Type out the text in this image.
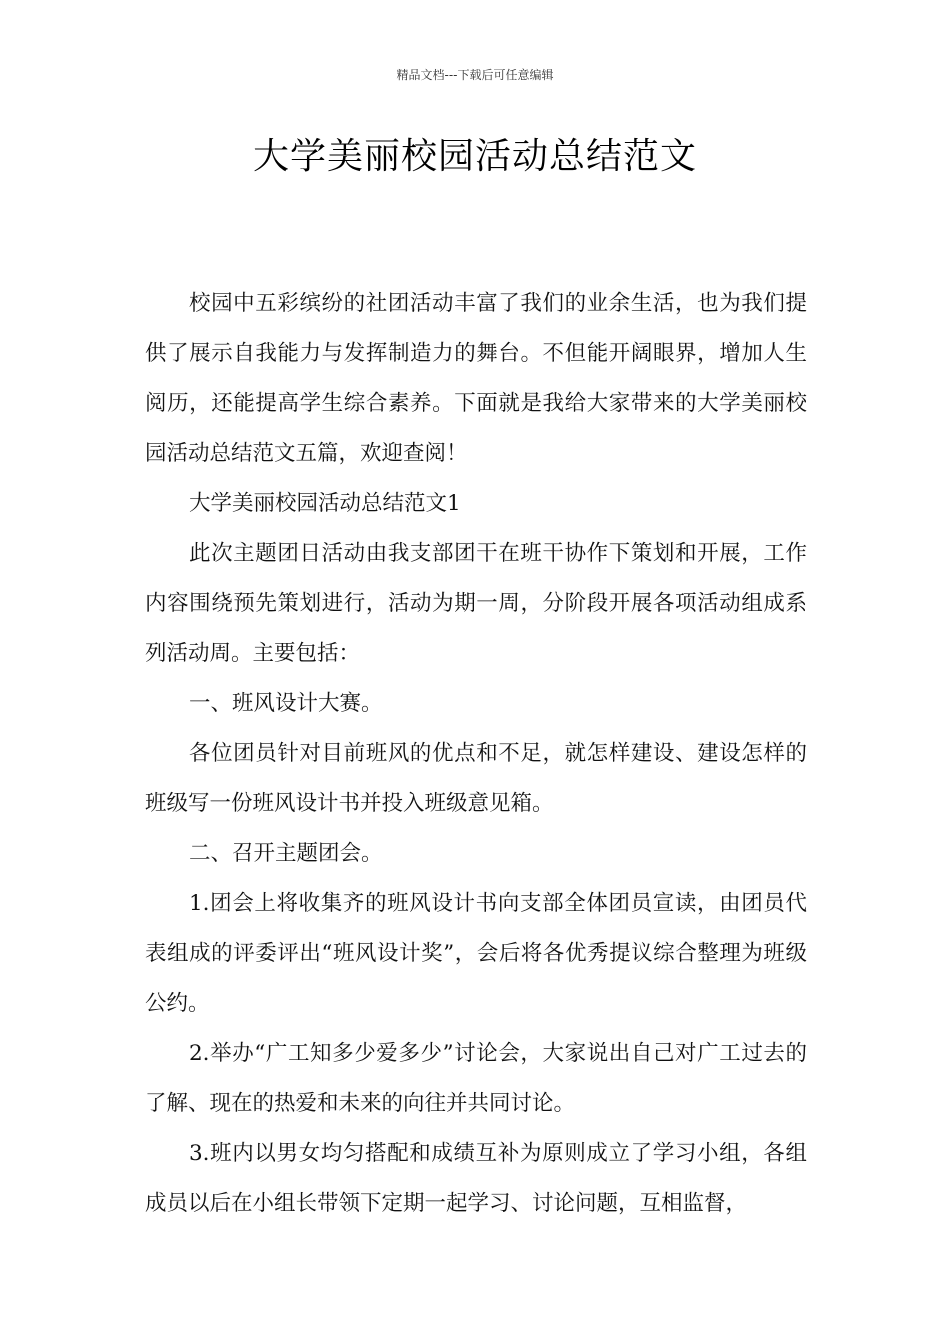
精品文档---下载后可任意编辑
大学美丽校园活动总结范文

校园中五彩缤纷的社团活动丰富了我们的业余生活，也为我们提供了展示自我能力与发挥制造力的舞台。不但能开阔眼界，增加人生阅历，还能提高学生综合素养。下面就是我给大家带来的大学美丽校园活动总结范文五篇，欢迎查阅！

大学美丽校园活动总结范文1

此次主题团日活动由我支部团干在班干协作下策划和开展，工作内容围绕预先策划进行，活动为期一周，分阶段开展各项活动组成系列活动周。主要包括：

一、班风设计大赛。

各位团员针对目前班风的优点和不足，就怎样建设、建设怎样的班级写一份班风设计书并投入班级意见箱。

二、召开主题团会。

1.团会上将收集齐的班风设计书向支部全体团员宣读，由团员代表组成的评委评出“班风设计奖”，会后将各优秀提议综合整理为班级公约。

2.举办“广工知多少爱多少”讨论会，大家说出自己对广工过去的了解、现在的热爱和未来的向往并共同讨论。

3.班内以男女均匀搭配和成绩互补为原则成立了学习小组，各组成员以后在小组长带领下定期一起学习、讨论问题，互相监督，
